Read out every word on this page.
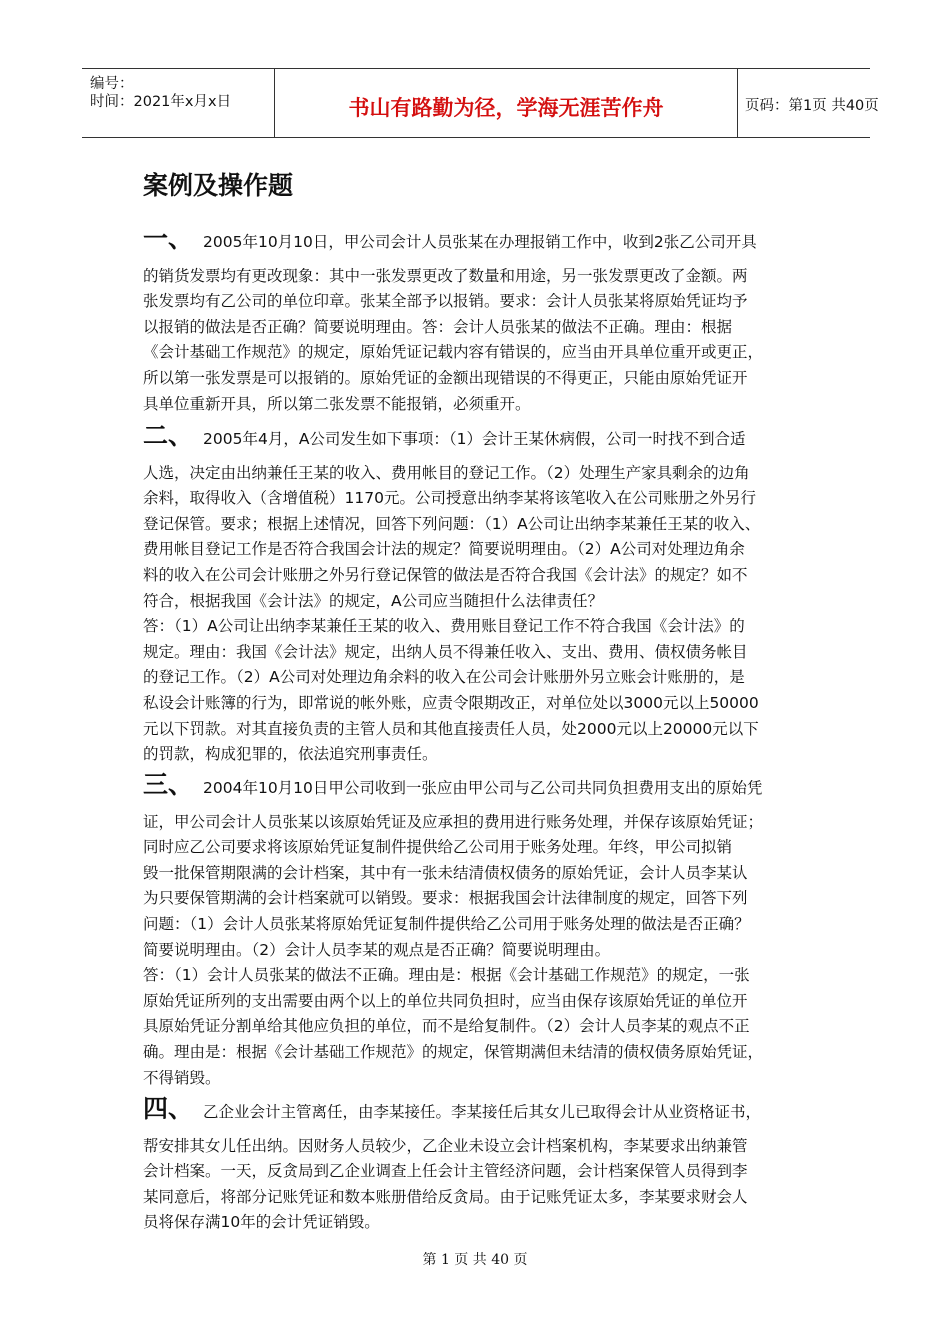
编号：
时间：2021年x月x日	书山有路勤为径，学海无涯苦作舟	页码：第1页 共40页
案例及操作题

一、 2005年10月10日，甲公司会计人员张某在办理报销工作中，收到2张乙公司开具

的销货发票均有更改现象：其中一张发票更改了数量和用途，另一张发票更改了金额。两

张发票均有乙公司的单位印章。张某全部予以报销。要求：会计人员张某将原始凭证均予

以报销的做法是否正确？简要说明理由。答：会计人员张某的做法不正确。理由：根据

《会计基础工作规范》的规定，原始凭证记载内容有错误的，应当由开具单位重开或更正，

所以第一张发票是可以报销的。原始凭证的金额出现错误的不得更正，只能由原始凭证开

具单位重新开具，所以第二张发票不能报销，必须重开。

二、 2005年4月，A公司发生如下事项：（1）会计王某休病假，公司一时找不到合适

人选，决定由出纳兼任王某的收入、费用帐目的登记工作。（2）处理生产家具剩余的边角

余料，取得收入（含增值税）1170元。公司授意出纳李某将该笔收入在公司账册之外另行

登记保管。要求；根据上述情况，回答下列问题：（1）A公司让出纳李某兼任王某的收入、

费用帐目登记工作是否符合我国会计法的规定？简要说明理由。（2）A公司对处理边角余

料的收入在公司会计账册之外另行登记保管的做法是否符合我国《会计法》的规定？如不

符合，根据我国《会计法》的规定，A公司应当随担什么法律责任？

答：（1）A公司让出纳李某兼任王某的收入、费用账目登记工作不符合我国《会计法》的

规定。理由：我国《会计法》规定，出纳人员不得兼任收入、支出、费用、债权债务帐目

的登记工作。（2）A公司对处理边角余料的收入在公司会计账册外另立账会计账册的，是

私设会计账簿的行为，即常说的帐外账，应责令限期改正，对单位处以3000元以上50000

元以下罚款。对其直接负责的主管人员和其他直接责任人员，处2000元以上20000元以下

的罚款，构成犯罪的，依法追究刑事责任。

三、 2004年10月10日甲公司收到一张应由甲公司与乙公司共同负担费用支出的原始凭

证，甲公司会计人员张某以该原始凭证及应承担的费用进行账务处理，并保存该原始凭证；

同时应乙公司要求将该原始凭证复制件提供给乙公司用于账务处理。年终，甲公司拟销

毁一批保管期限满的会计档案，其中有一张未结清债权债务的原始凭证，会计人员李某认

为只要保管期满的会计档案就可以销毁。要求：根据我国会计法律制度的规定，回答下列

问题：（1）会计人员张某将原始凭证复制件提供给乙公司用于账务处理的做法是否正确？

简要说明理由。（2）会计人员李某的观点是否正确？简要说明理由。

答：（1）会计人员张某的做法不正确。理由是：根据《会计基础工作规范》的规定，一张

原始凭证所列的支出需要由两个以上的单位共同负担时，应当由保存该原始凭证的单位开

具原始凭证分割单给其他应负担的单位，而不是给复制件。（2）会计人员李某的观点不正

确。理由是：根据《会计基础工作规范》的规定，保管期满但未结清的债权债务原始凭证，

不得销毁。

四、 乙企业会计主管离任，由李某接任。李某接任后其女儿已取得会计从业资格证书，

帮安排其女儿任出纳。因财务人员较少，乙企业未设立会计档案机构，李某要求出纳兼管

会计档案。一天，反贪局到乙企业调查上任会计主管经济问题，会计档案保管人员得到李

某同意后，将部分记账凭证和数本账册借给反贪局。由于记账凭证太多，李某要求财会人

员将保存满10年的会计凭证销毁。

第 1 页 共 40 页
